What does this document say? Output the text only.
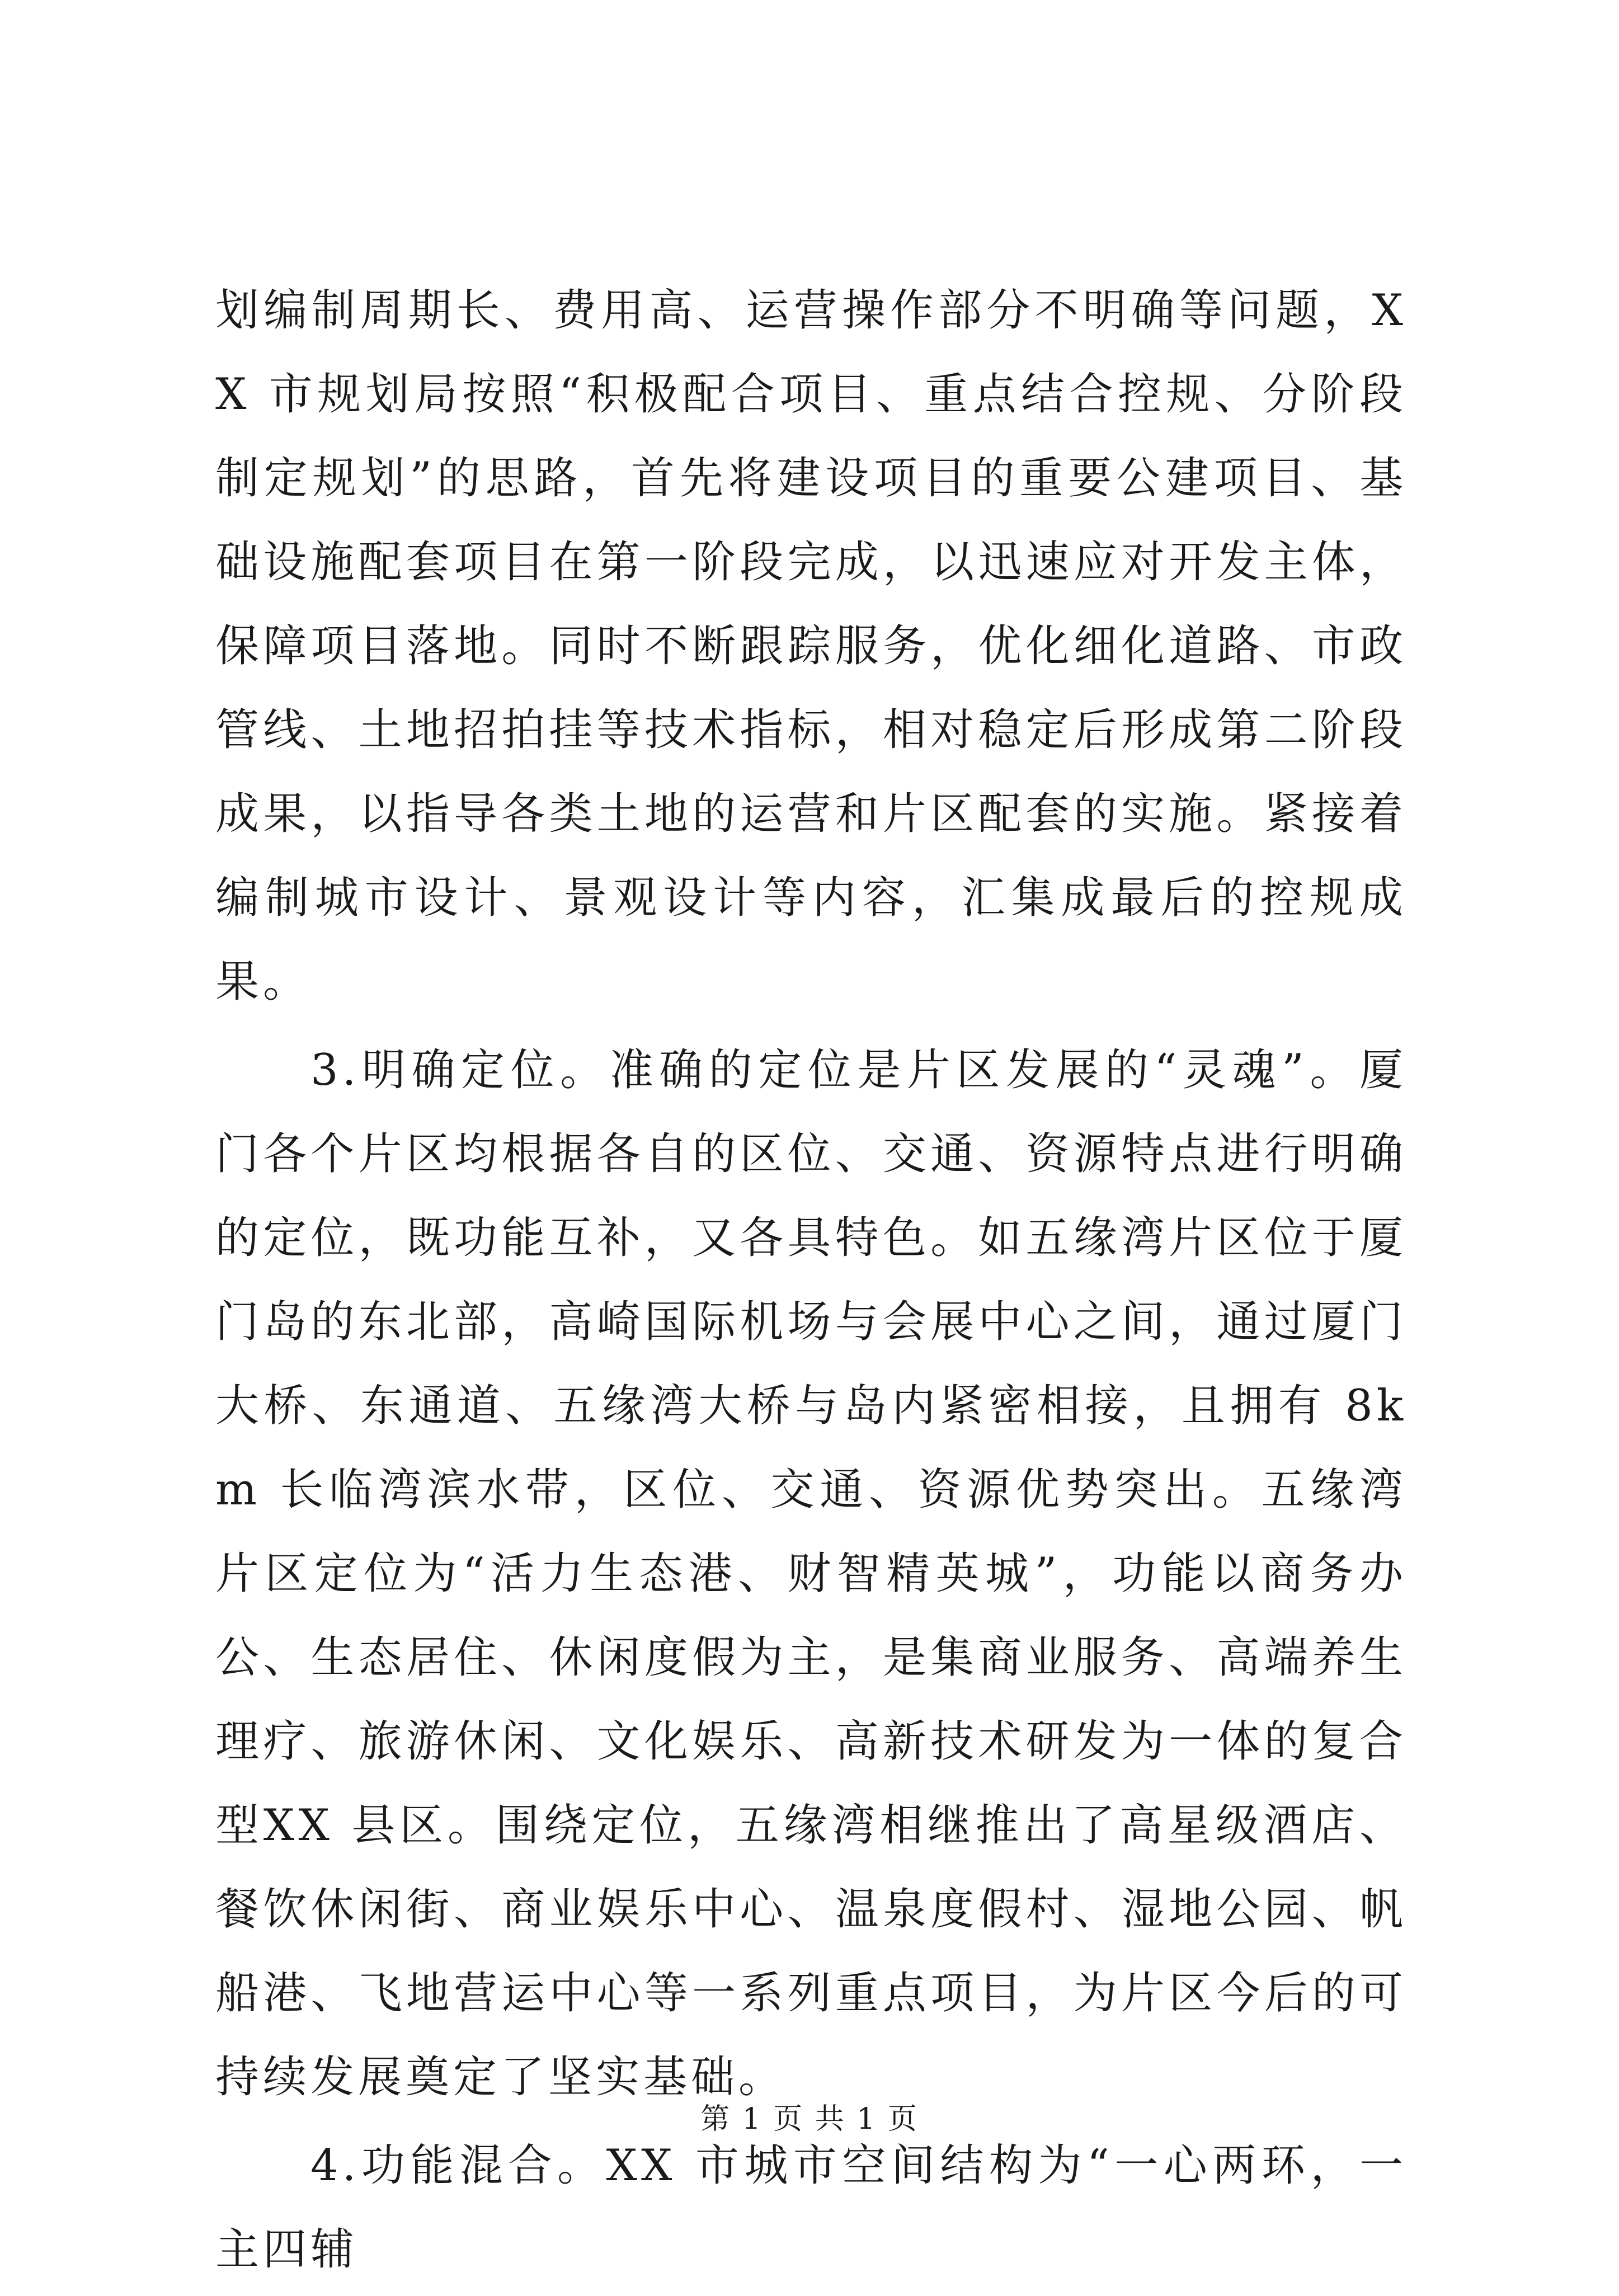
划编制周期长、费用高、运营操作部分不明确等问题，XX 市规划局按照“积极配合项目、重点结合控规、分阶段制定规划”的思路，首先将建设项目的重要公建项目、基础设施配套项目在第一阶段完成，以迅速应对开发主体，保障项目落地。同时不断跟踪服务，优化细化道路、市政管线、土地招拍挂等技术指标，相对稳定后形成第二阶段成果，以指导各类土地的运营和片区配套的实施。紧接着编制城市设计、景观设计等内容，汇集成最后的控规成果。

3.明确定位。准确的定位是片区发展的“灵魂”。厦门各个片区均根据各自的区位、交通、资源特点进行明确的定位，既功能互补，又各具特色。如五缘湾片区位于厦门岛的东北部，高崎国际机场与会展中心之间，通过厦门大桥、东通道、五缘湾大桥与岛内紧密相接，且拥有 8km 长临湾滨水带，区位、交通、资源优势突出。五缘湾片区定位为“活力生态港、财智精英城”，功能以商务办公、生态居住、休闲度假为主，是集商业服务、高端养生理疗、旅游休闲、文化娱乐、高新技术研发为一体的复合型XX 县区。围绕定位，五缘湾相继推出了高星级酒店、餐饮休闲街、商业娱乐中心、温泉度假村、湿地公园、帆船港、飞地营运中心等一系列重点项目，为片区今后的可持续发展奠定了坚实基础。

4.功能混合。XX 市城市空间结构为“一心两环，一主四辅

第 1 页 共 1 页
